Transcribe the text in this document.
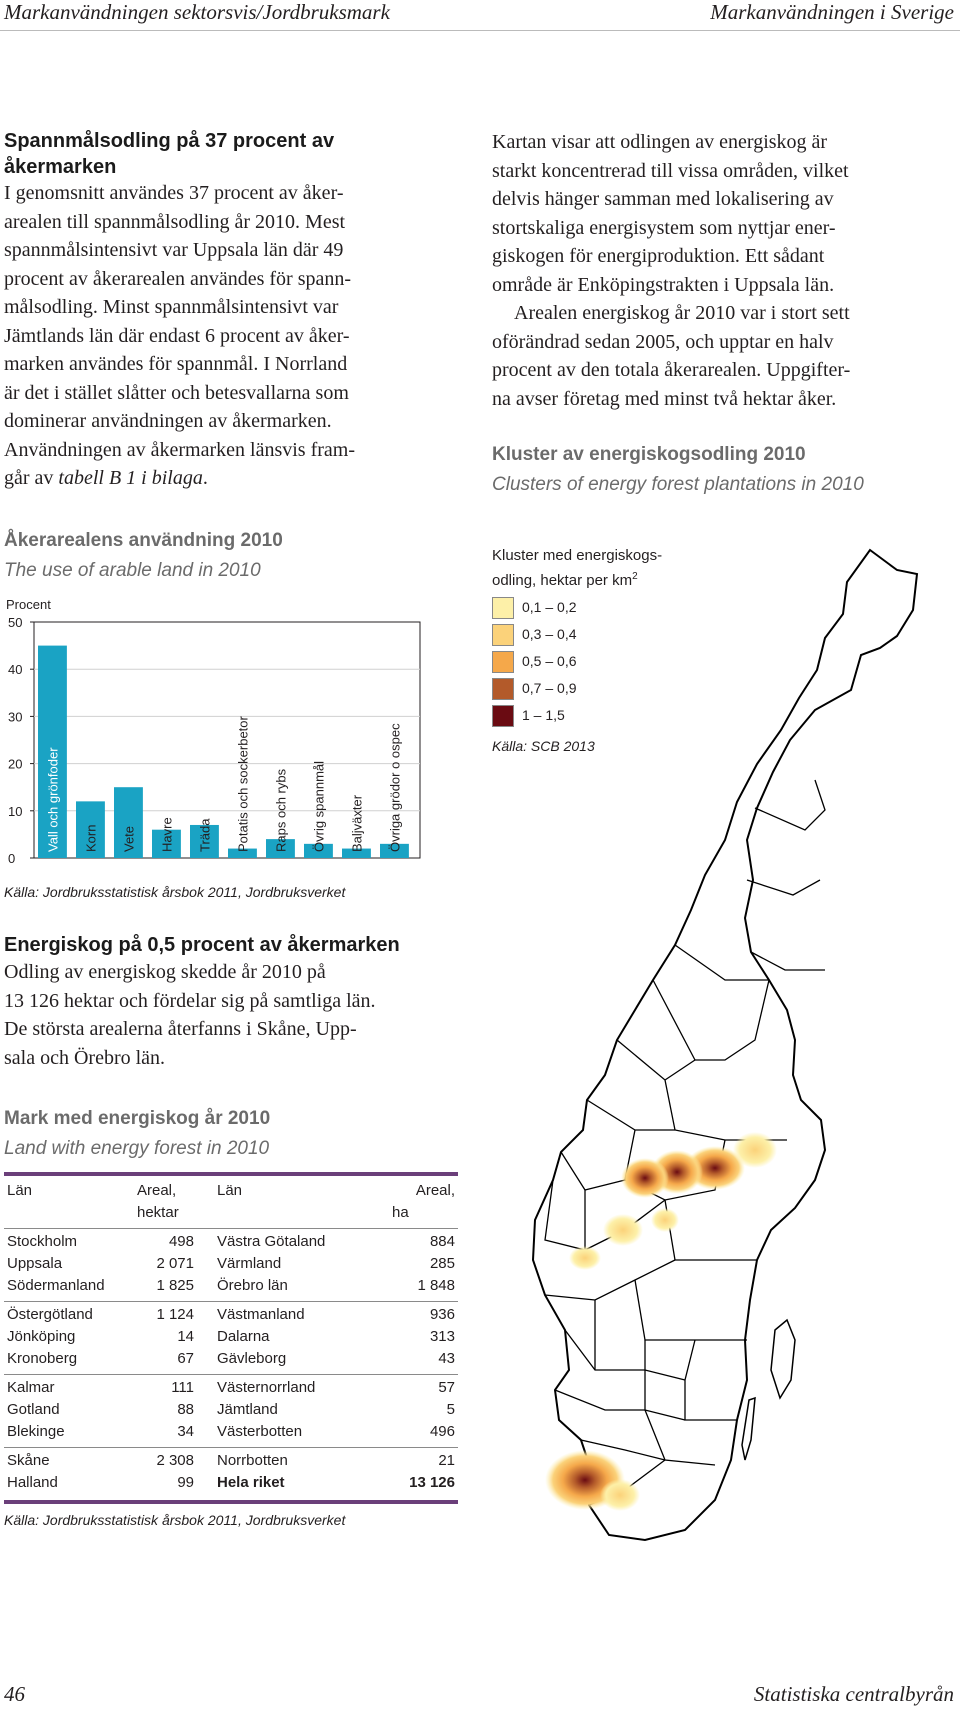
Markanvändningen sektorsvis/Jordbruksmark	Markanvändningen i Sverige
Spannmålsodling på 37 procent av
åkermarken
I genomsnitt användes 37 procent av åker-
arealen till spannmålsodling år 2010. Mest
spannmålsintensivt var Uppsala län där 49
procent av åkerarealen användes för spann-
målsodling. Minst spannmålsintensivt var
Jämtlands län där endast 6 procent av åker-
marken användes för spannmål. I Norrland
är det i stället slåtter och betesvallarna som
dominerar användningen av åkermarken.
Användningen av åkermarken länsvis fram-
går av tabell B 1 i bilaga.
Kartan visar att odlingen av energiskog är
starkt koncentrerad till vissa områden, vilket
delvis hänger samman med lokalisering av
stortskaliga energisystem som nyttjar ener-
giskogen för energiproduktion. Ett sådant
område är Enköpingstrakten i Uppsala län.
Arealen energiskog år 2010 var i stort sett
oförändrad sedan 2005, och upptar en halv
procent av den totala åkerarealen. Uppgifter-
na avser företag med minst två hektar åker.
Kluster av energiskogsodling 2010
Clusters of energy forest plantations in 2010
Kluster med energiskogs-
odling, hektar per $km^2$
0,1 – 0,2
0,3 – 0,4
0,5 – 0,6
0,7 – 0,9
1 – 1,5
Källa: SCB 2013
Åkerarealens användning 2010
The use of arable land in 2010
Procent
0
10
20
30
40
50
Vall och grönfoder Korn Vete Havre Träda Potatis och sockerbetor Raps och rybs Övrig spannmål Baljväxter Övriga grödor o ospec
Källa: Jordbruksstatistisk årsbok 2011, Jordbruksverket
Energiskog på 0,5 procent av åkermarken
Odling av energiskog skedde år 2010 på
13 126 hektar och fördelar sig på samtliga län.
De största arealerna återfanns i Skåne, Upp-
sala och Örebro län.
Mark med energiskog år 2010
Land with energy forest in 2010
Län	Areal,	Län	Areal,
	hektar		ha
Stockholm	498	Västra Götaland	884
Uppsala	2 071	Värmland	285
Södermanland	1 825	Örebro län	1 848
Östergötland	1 124	Västmanland	936
Jönköping	14	Dalarna	313
Kronoberg	67	Gävleborg	43
Kalmar	111	Västernorrland	57
Gotland	88	Jämtland	5
Blekinge	34	Västerbotten	496
Skåne	2 308	Norrbotten	21
Halland	99	Hela riket	13 126
Källa: Jordbruksstatistisk årsbok 2011, Jordbruksverket
46	Statistiska centralbyrån
